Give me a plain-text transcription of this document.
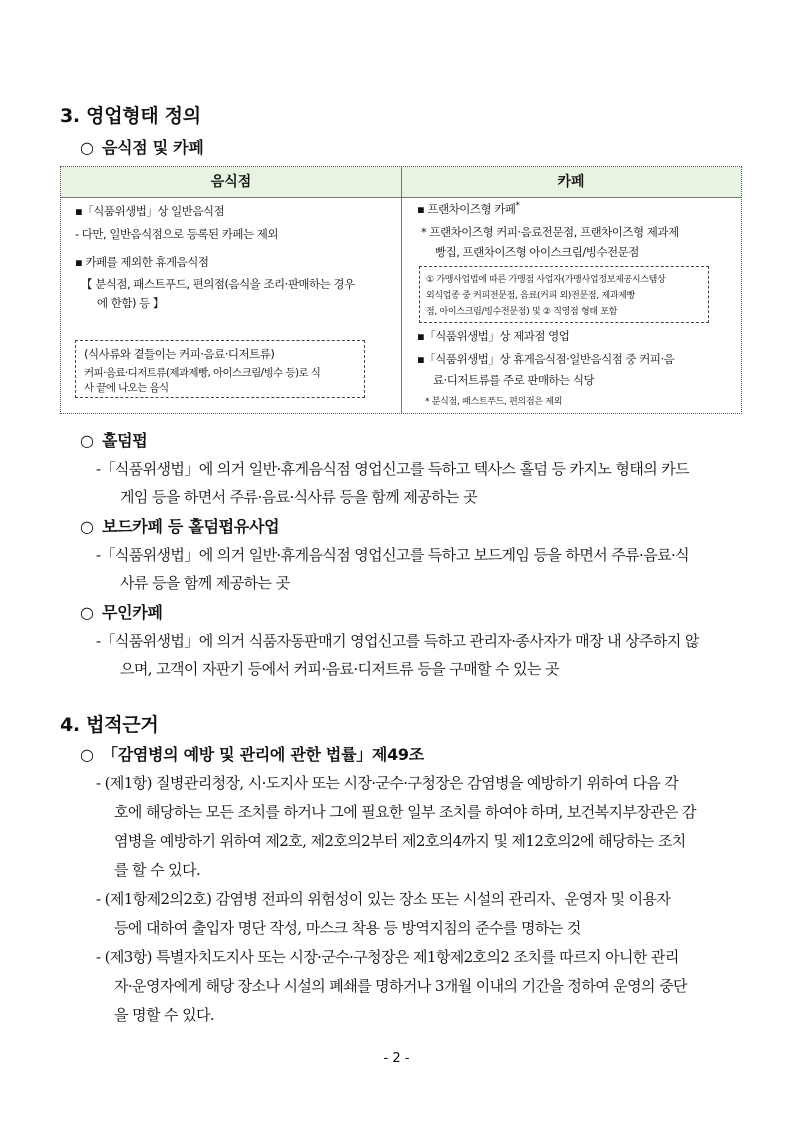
3. 영업형태 정의
○ 음식점 및 카페
음식점	카페
▪「식품위생법」상 일반음식점
- 다만, 일반음식점으로 등록된 카페는 제외
▪ 카페를 제외한 휴게음식점
【 분식점, 패스트푸드, 편의점(음식을 조리·판매하는 경우
에 한함) 등 】
(식사류와 곁들이는 커피·음료·디저트류)
커피·음료·디저트류(제과제빵, 아이스크림/빙수 등)로 식
사 끝에 나오는 음식
▪ 프랜차이즈형 카페*
* 프랜차이즈형 커피·음료전문점, 프랜차이즈형 제과제
빵집, 프랜차이즈형 아이스크림/빙수전문점
① 가맹사업법에 따른 가맹점 사업자(가맹사업정보제공시스템상
외식업종 중 커피전문점, 음료(커피 외)전문점, 제과제빵
점, 아이스크림/빙수전문점) 및 ② 직영점 형태 포함
▪「식품위생법」상 제과점 영업
▪「식품위생법」상 휴게음식점·일반음식점 중 커피·음
료·디저트류를 주로 판매하는 식당
* 분식점, 패스트푸드, 편의점은 제외
○ 홀덤펍
-「식품위생법」에 의거 일반·휴게음식점 영업신고를 득하고 텍사스 홀덤 등 카지노 형태의 카드
게임 등을 하면서 주류·음료·식사류 등을 함께 제공하는 곳
○ 보드카페 등 홀덤펍유사업
-「식품위생법」에 의거 일반·휴게음식점 영업신고를 득하고 보드게임 등을 하면서 주류·음료·식
사류 등을 함께 제공하는 곳
○ 무인카페
-「식품위생법」에 의거 식품자동판매기 영업신고를 득하고 관리자·종사자가 매장 내 상주하지 않
으며, 고객이 자판기 등에서 커피·음료·디저트류 등을 구매할 수 있는 곳
4. 법적근거
○ 「감염병의 예방 및 관리에 관한 법률」제49조
- (제1항) 질병관리청장, 시·도지사 또는 시장·군수·구청장은 감염병을 예방하기 위하여 다음 각
호에 해당하는 모든 조치를 하거나 그에 필요한 일부 조치를 하여야 하며, 보건복지부장관은 감
염병을 예방하기 위하여 제2호, 제2호의2부터 제2호의4까지 및 제12호의2에 해당하는 조치
를 할 수 있다.
- (제1항제2의2호) 감염병 전파의 위험성이 있는 장소 또는 시설의 관리자、운영자 및 이용자
등에 대하여 출입자 명단 작성, 마스크 착용 등 방역지침의 준수를 명하는 것
- (제3항) 특별자치도지사 또는 시장·군수·구청장은 제1항제2호의2 조치를 따르지 아니한 관리
자·운영자에게 해당 장소나 시설의 폐쇄를 명하거나 3개월 이내의 기간을 정하여 운영의 중단
을 명할 수 있다.
- 2 -
